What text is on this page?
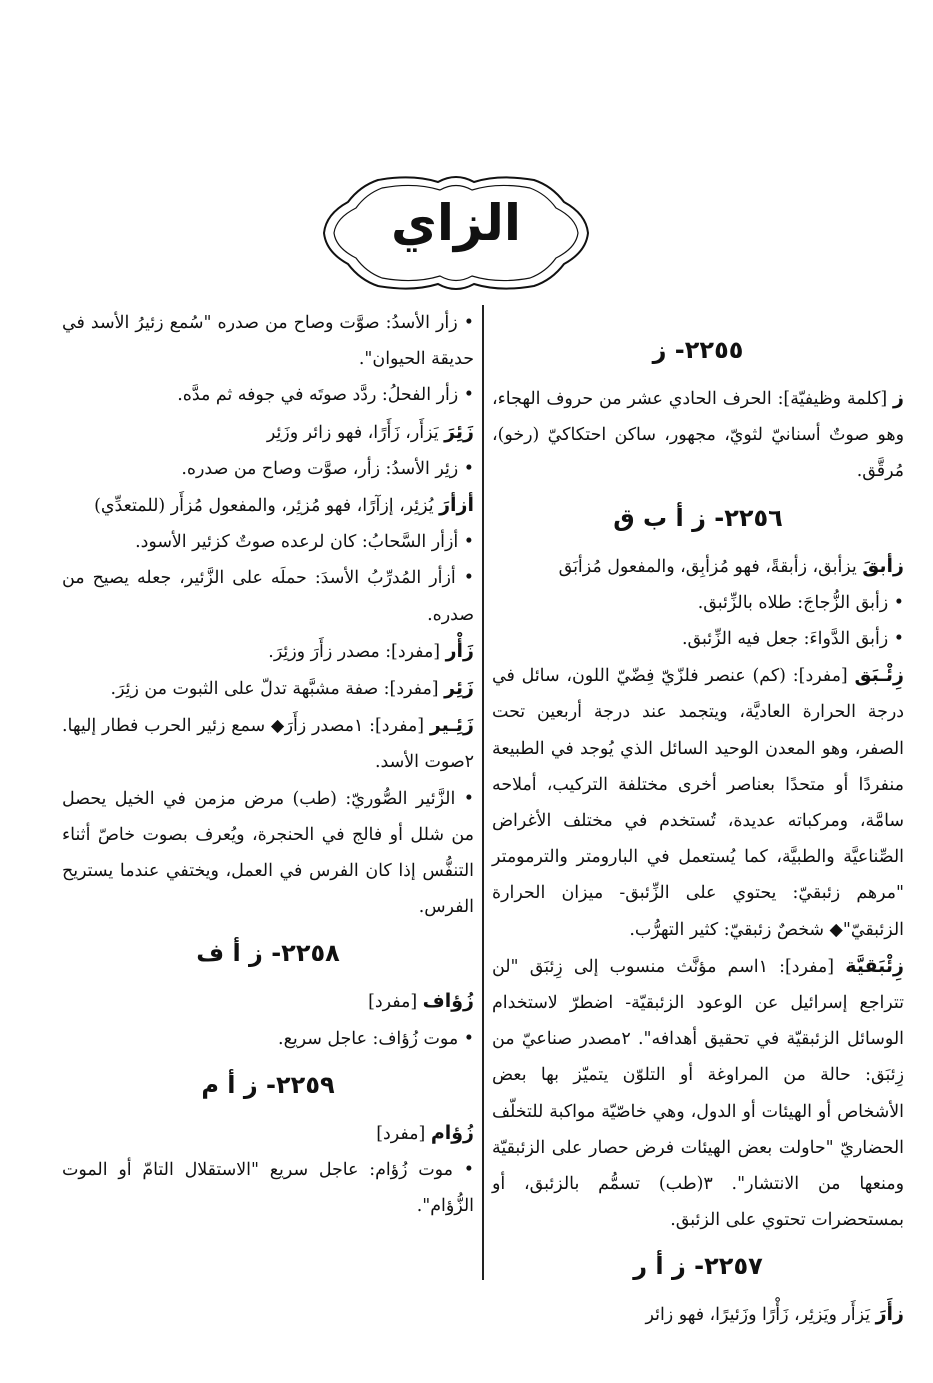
الزاي
٢٢٥٥- ز

ز [كلمة وظيفيّة]: الحرف الحادي عشر من حروف الهجاء، وهو صوتٌ أسنانيّ لثويّ، مجهور، ساكن احتكاكيّ (رخو)، مُرقَّق.

٢٢٥٦- ز أ ب ق

زأبقَ يزأبق، زأبقةً، فهو مُزأبِق، والمفعول مُزأبَق

• زأبق الزُّجاجَ: طلاه بالزِّئبق.

• زأبق الدَّواءَ: جعل فيه الزِّئبق.

زِئْـبَق [مفرد]: (كم) عنصر فلزّيّ فِضّيّ اللون، سائل في درجة الحرارة العاديَّة، ويتجمد عند درجة أربعين تحت الصفر، وهو المعدن الوحيد السائل الذي يُوجد في الطبيعة منفردًا أو متحدًا بعناصر أخرى مختلفة التركيب، أملاحه سامَّة، ومركباته عديدة، تُستخدم في مختلف الأغراض الصِّناعيَّة والطبيَّة، كما يُستعمل في البارومتر والترمومتر "مرهم زئبقيّ: يحتوي على الزِّئبق- ميزان الحرارة الزئبقيّ"◆ شخصٌ زئبقيّ: كثير التهرُّب.

زِئْبَقيَّة [مفرد]: ١اسم مؤنَّث منسوب إلى زِئبَق "لن تتراجع إسرائيل عن الوعود الزئبقيّة- اضطرّ لاستخدام الوسائل الزئبقيّة في تحقيق أهدافه". ٢مصدر صناعيّ من زِئبَق: حالة من المراوغة أو التلوّن يتميّز بها بعض الأشخاص أو الهيئات أو الدول، وهي خاصّيّة مواكبة للتخلّف الحضاريّ "حاولت بعض الهيئات فرض حصار على الزئبقيّة ومنعها من الانتشار". ٣(طب) تسمُّم بالزئبق، أو بمستحضرات تحتوي على الزئبق.

٢٢٥٧- ز أ ر

زأَرَ يَزأَر ويَزئِر، زَأْرًا وزَئيرًا، فهو زائر

• زأر الأسدُ: صوَّت وصاح من صدره "سُمع زئيرُ الأسد في حديقة الحيوان".

• زأر الفحلُ: ردَّد صوتَه في جوفه ثم مدَّه.

زَئِرَ يَزأَر، زَأَرًا، فهو زائر وزَئِر

• زئِر الأسدُ: زأر، صوَّت وصاح من صدره.

أزأرَ يُزئِر، إزآرًا، فهو مُزئِر، والمفعول مُزأَر (للمتعدِّي)

• أزأر السَّحابُ: كان لرعده صوتٌ كزئير الأسود.

• أزأر المُدرِّبُ الأسدَ: حملَه على الزَّئير، جعله يصيح من صدره.

زَأْر [مفرد]: مصدر زأَرَ وزئِرَ.

زَئِر [مفرد]: صفة مشبَّهة تدلّ على الثبوت من زئِرَ.

زَئِـير [مفرد]: ١مصدر زأَرَ◆ سمع زئير الحرب فطار إليها. ٢صوت الأسد.

• الزَّئير الصُّوريّ: (طب) مرض مزمن في الخيل يحصل من شلل أو فالج في الحنجرة، ويُعرف بصوت خاصّ أثناء التنفُّس إذا كان الفرس في العمل، ويختفي عندما يستريح الفرس.

٢٢٥٨- ز أ ف

زُؤاف [مفرد]

• موت زُؤاف: عاجل سريع.

٢٢٥٩- ز أ م

زُؤام [مفرد]

• موت زُؤام: عاجل سريع "الاستقلال التامّ أو الموت الزُّؤام".
